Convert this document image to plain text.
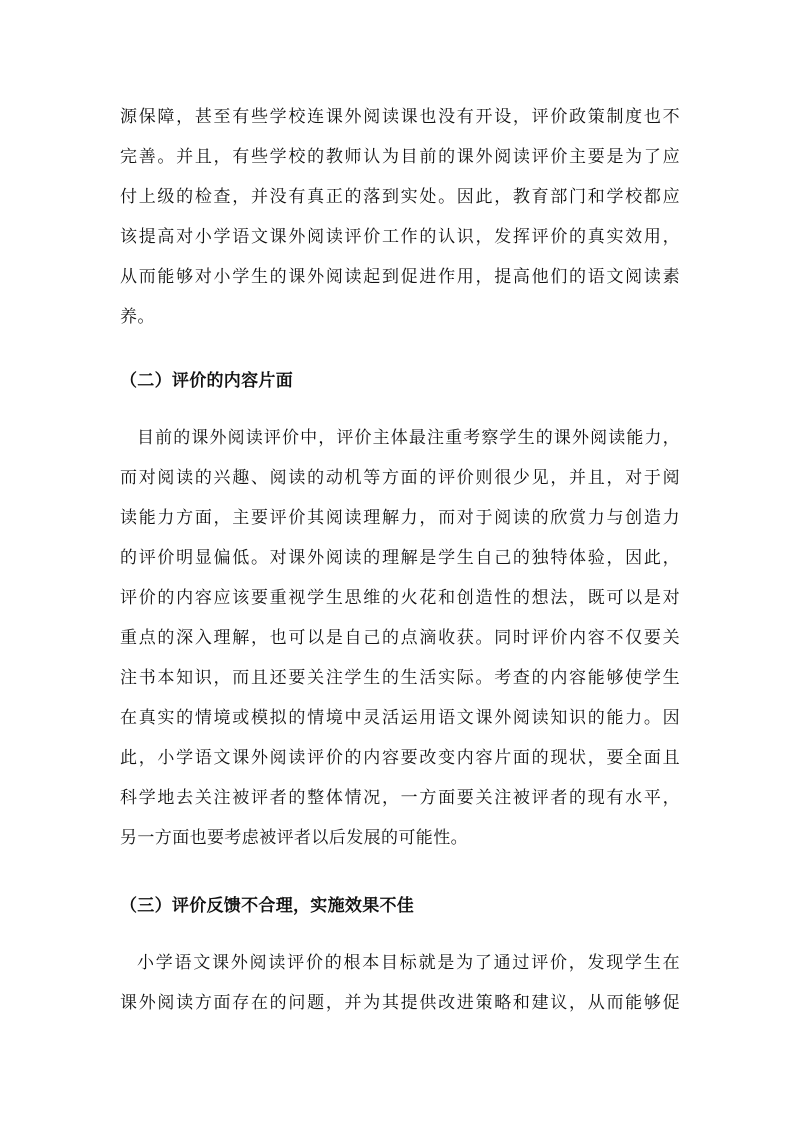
源保障，甚至有些学校连课外阅读课也没有开设，评价政策制度也不
完善。并且，有些学校的教师认为目前的课外阅读评价主要是为了应
付上级的检查，并没有真正的落到实处。因此，教育部门和学校都应
该提高对小学语文课外阅读评价工作的认识，发挥评价的真实效用，
从而能够对小学生的课外阅读起到促进作用，提高他们的语文阅读素
养。
（二）评价的内容片面
目前的课外阅读评价中，评价主体最注重考察学生的课外阅读能力，
而对阅读的兴趣、阅读的动机等方面的评价则很少见，并且，对于阅
读能力方面，主要评价其阅读理解力，而对于阅读的欣赏力与创造力
的评价明显偏低。对课外阅读的理解是学生自己的独特体验，因此，
评价的内容应该要重视学生思维的火花和创造性的想法，既可以是对
重点的深入理解，也可以是自己的点滴收获。同时评价内容不仅要关
注书本知识，而且还要关注学生的生活实际。考查的内容能够使学生
在真实的情境或模拟的情境中灵活运用语文课外阅读知识的能力。因
此，小学语文课外阅读评价的内容要改变内容片面的现状，要全面且
科学地去关注被评者的整体情况，一方面要关注被评者的现有水平，
另一方面也要考虑被评者以后发展的可能性。
（三）评价反馈不合理，实施效果不佳
小学语文课外阅读评价的根本目标就是为了通过评价，发现学生在
课外阅读方面存在的问题，并为其提供改进策略和建议，从而能够促
